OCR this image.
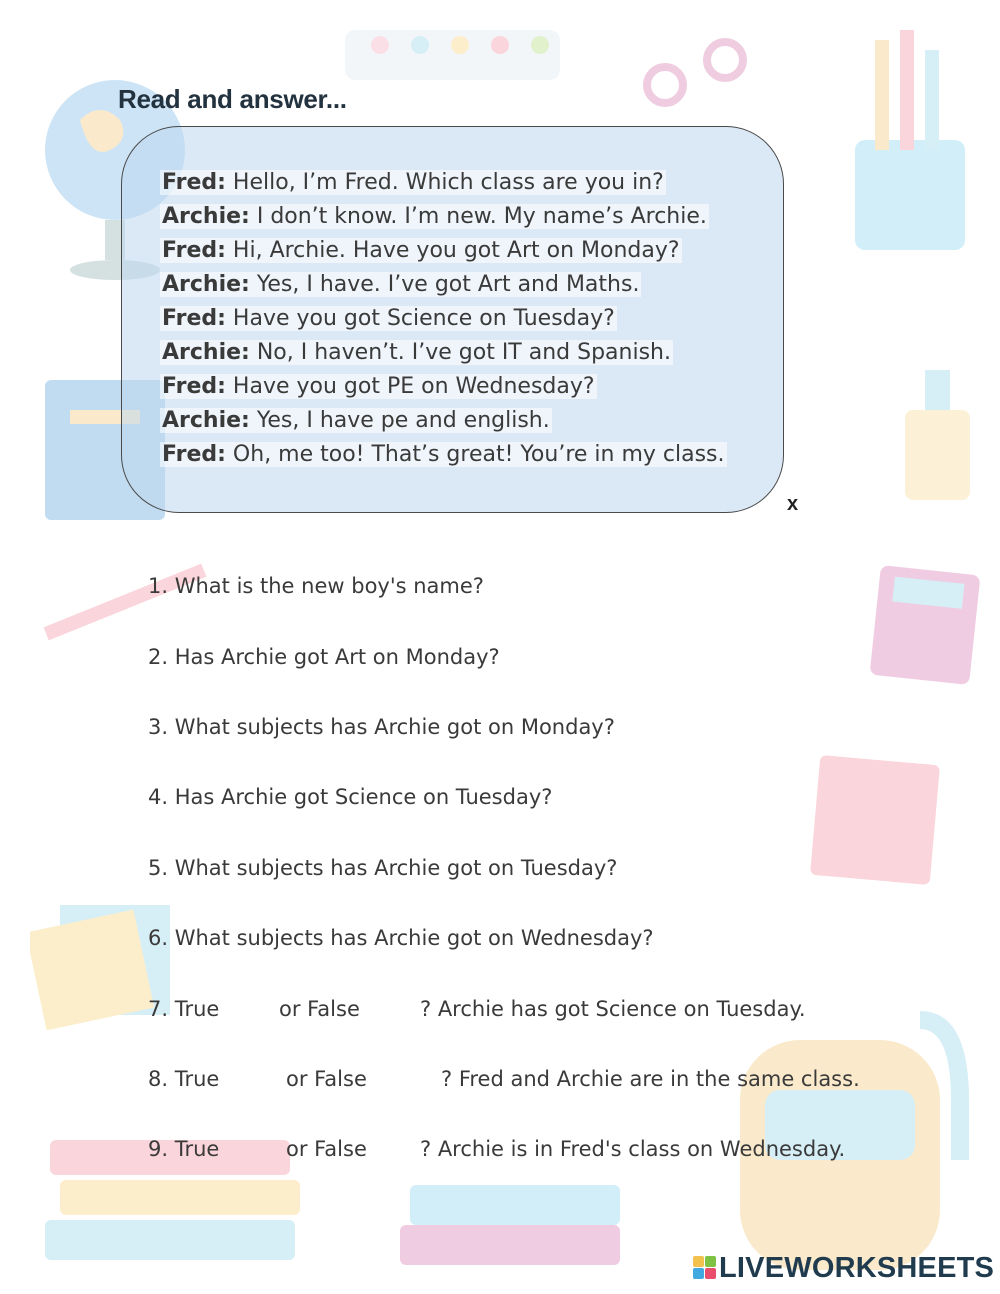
Read and answer...
Fred: Hello, I’m Fred. Which class are you in?
Archie: I don’t know. I’m new. My name’s Archie.
Fred: Hi, Archie. Have you got Art on Monday?
Archie: Yes, I have. I’ve got Art and Maths.
Fred: Have you got Science on Tuesday?
Archie: No, I haven’t. I’ve got IT and Spanish.
Fred: Have you got PE on Wednesday?
Archie: Yes, I have pe and english.
Fred: Oh, me too! That’s great! You’re in my class.
x
1. What is the new boy's name?
2. Has Archie got Art on Monday?
3. What subjects has Archie got on Monday?
4. Has Archie got Science on Tuesday?
5. What subjects has Archie got on Tuesday?
6. What subjects has Archie got on Wednesday?
7. True	or False	? Archie has got Science on Tuesday.
8. True	or False	? Fred and Archie are in the same class.
9. True	or False	? Archie is in Fred's class on Wednesday.
LIVEWORKSHEETS
